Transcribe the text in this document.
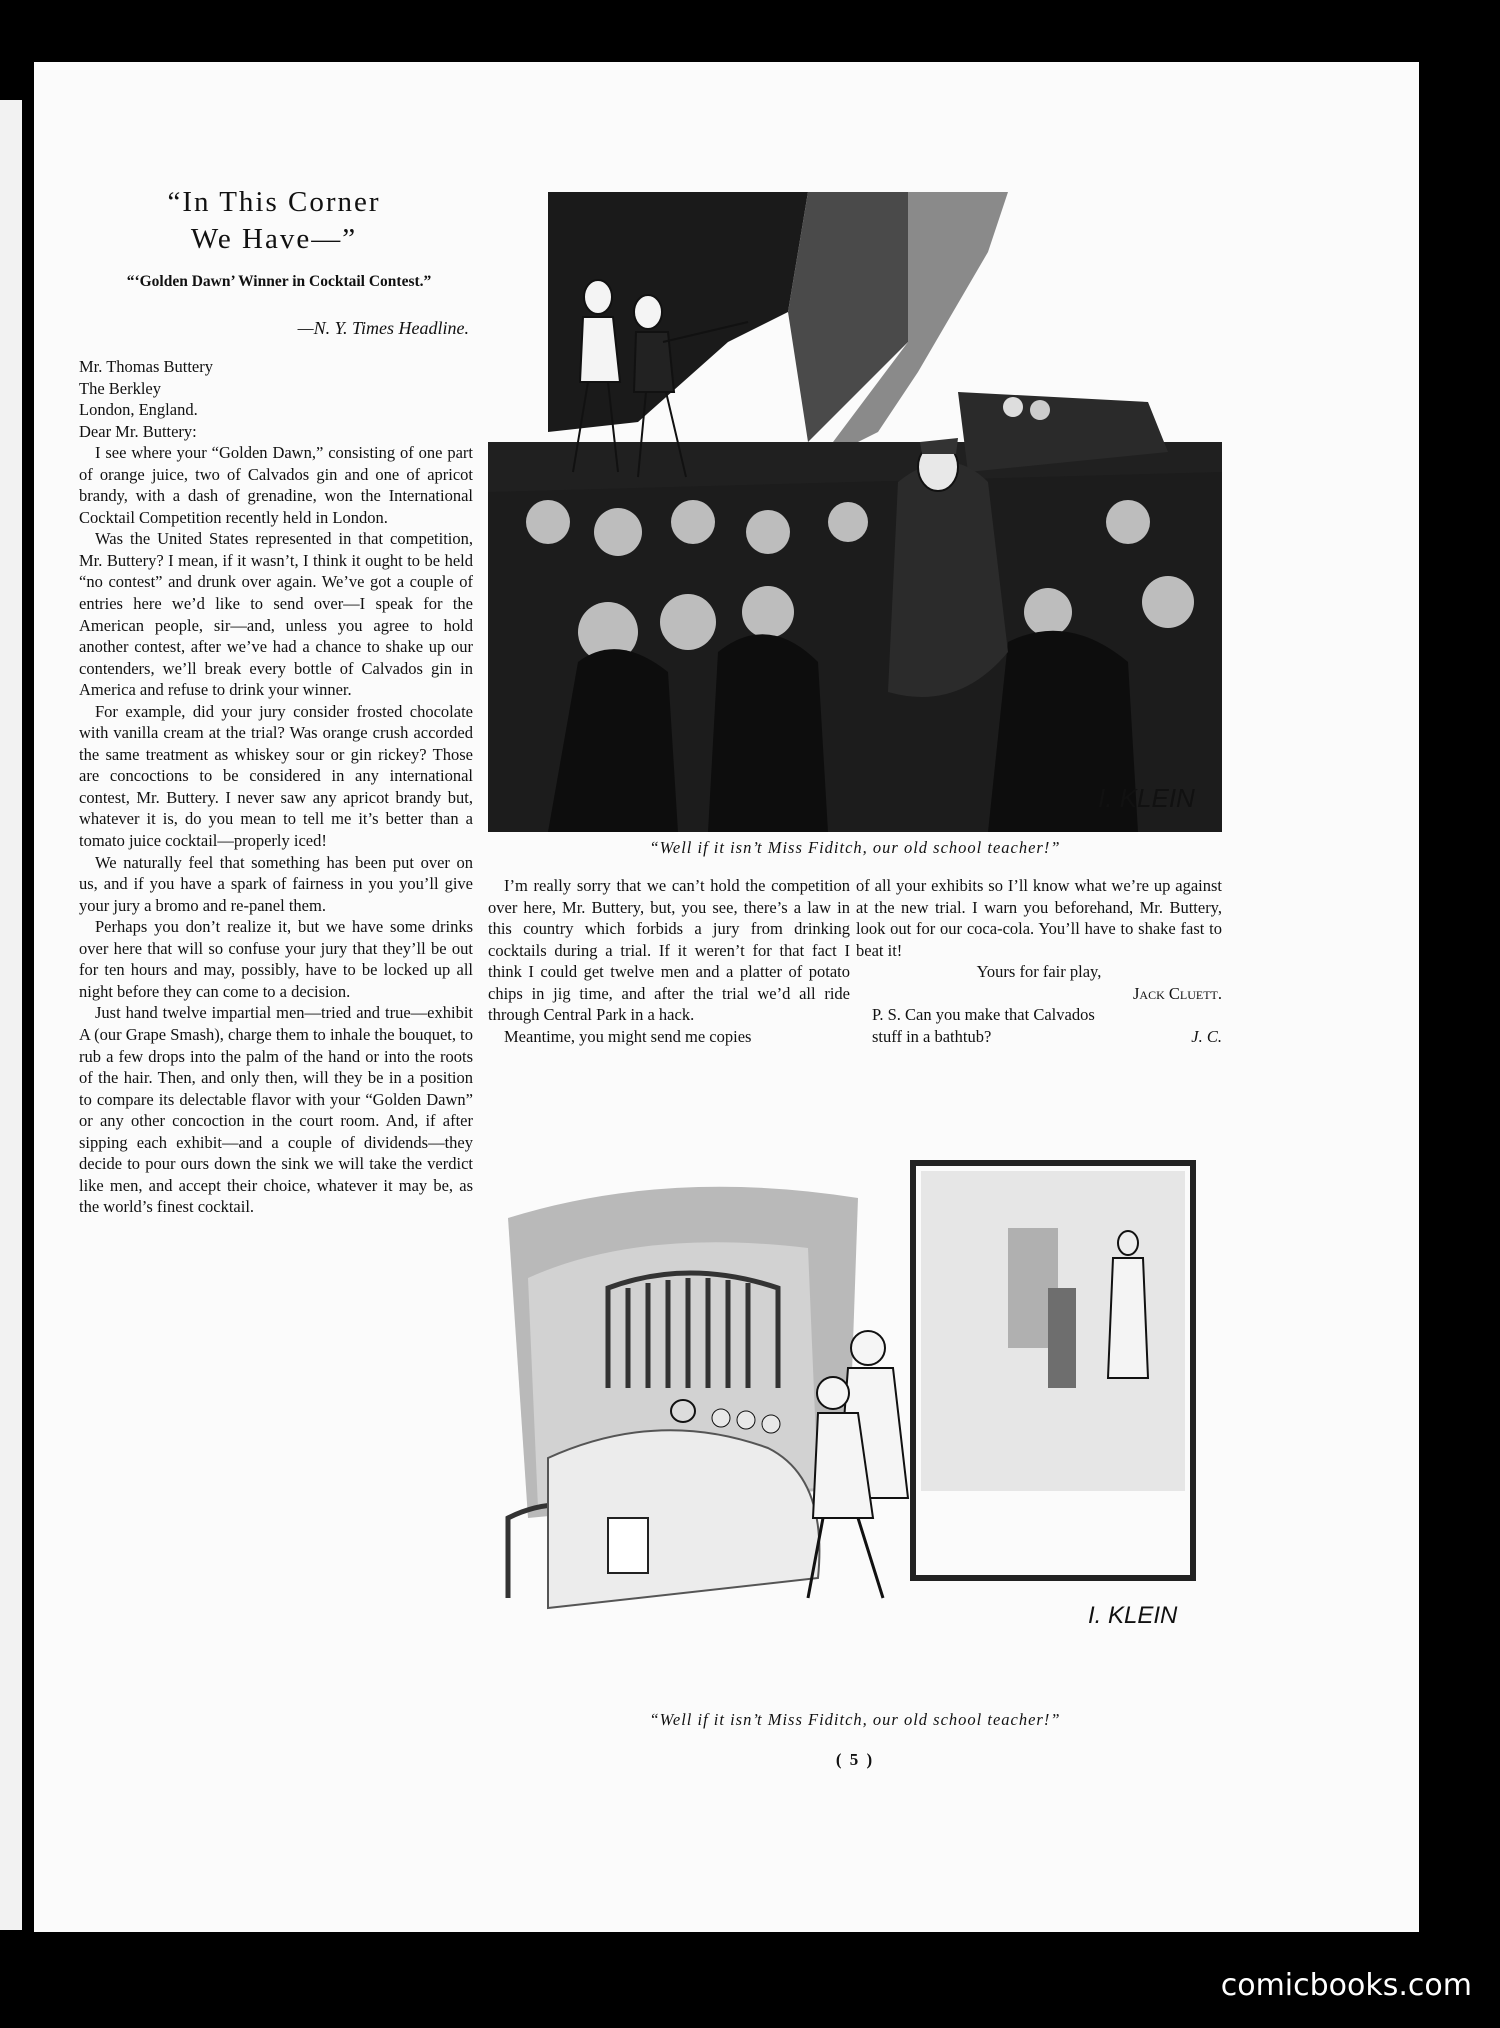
“In This Corner
We Have—”
“‘Golden Dawn’ Winner in Cocktail Contest.”
—N. Y. Times Headline.

Mr. Thomas Buttery

The Berkley

London, England.

Dear Mr. Buttery:

I see where your “Golden Dawn,” consisting of one part of orange juice, two of Calvados gin and one of apricot brandy, with a dash of grenadine, won the International Cocktail Competition recently held in London.

Was the United States represented in that competition, Mr. Buttery? I mean, if it wasn’t, I think it ought to be held “no contest” and drunk over again. We’ve got a couple of entries here we’d like to send over—I speak for the American people, sir—and, unless you agree to hold another contest, after we’ve had a chance to shake up our contenders, we’ll break every bottle of Calvados gin in America and refuse to drink your winner.

For example, did your jury consider frosted chocolate with vanilla cream at the trial? Was orange crush accorded the same treatment as whiskey sour or gin rickey? Those are concoctions to be considered in any international contest, Mr. Buttery. I never saw any apricot brandy but, whatever it is, do you mean to tell me it’s better than a tomato juice cocktail—properly iced!

We naturally feel that something has been put over on us, and if you have a spark of fairness in you you’ll give your jury a bromo and re-panel them.

Perhaps you don’t realize it, but we have some drinks over here that will so confuse your jury that they’ll be out for ten hours and may, possibly, have to be locked up all night before they can come to a decision.

Just hand twelve impartial men—tried and true—exhibit A (our Grape Smash), charge them to inhale the bouquet, to rub a few drops into the palm of the hand or into the roots of the hair. Then, and only then, will they be in a position to compare its delectable flavor with your “Golden Dawn” or any other concoction in the court room. And, if after sipping each exhibit—and a couple of dividends—they decide to pour ours down the sink we will take the verdict like men, and accept their choice, whatever it may be, as the world’s finest cocktail.

I. KLEIN
“Well if it isn’t Miss Fiditch, our old school teacher!”

I’m really sorry that we can’t hold the competition over here, Mr. Buttery, but, you see, there’s a law in this country which forbids a jury from drinking cocktails during a trial. If it weren’t for that fact I think I could get twelve men and a platter of potato chips in jig time, and after the trial we’d all ride through Central Park in a hack.

Meantime, you might send me copies

of all your exhibits so I’ll know what we’re up against at the new trial. I warn you beforehand, Mr. Buttery, look out for our coca-cola. You’ll have to shake fast to beat it!

Yours for fair play,

Jack Cluett.

P. S. Can you make that Calvados

stuff in a bathtub?	J. C.
I. KLEIN
“Well if it isn’t Miss Fiditch, our old school teacher!”
( 5 )
comicbooks.com
